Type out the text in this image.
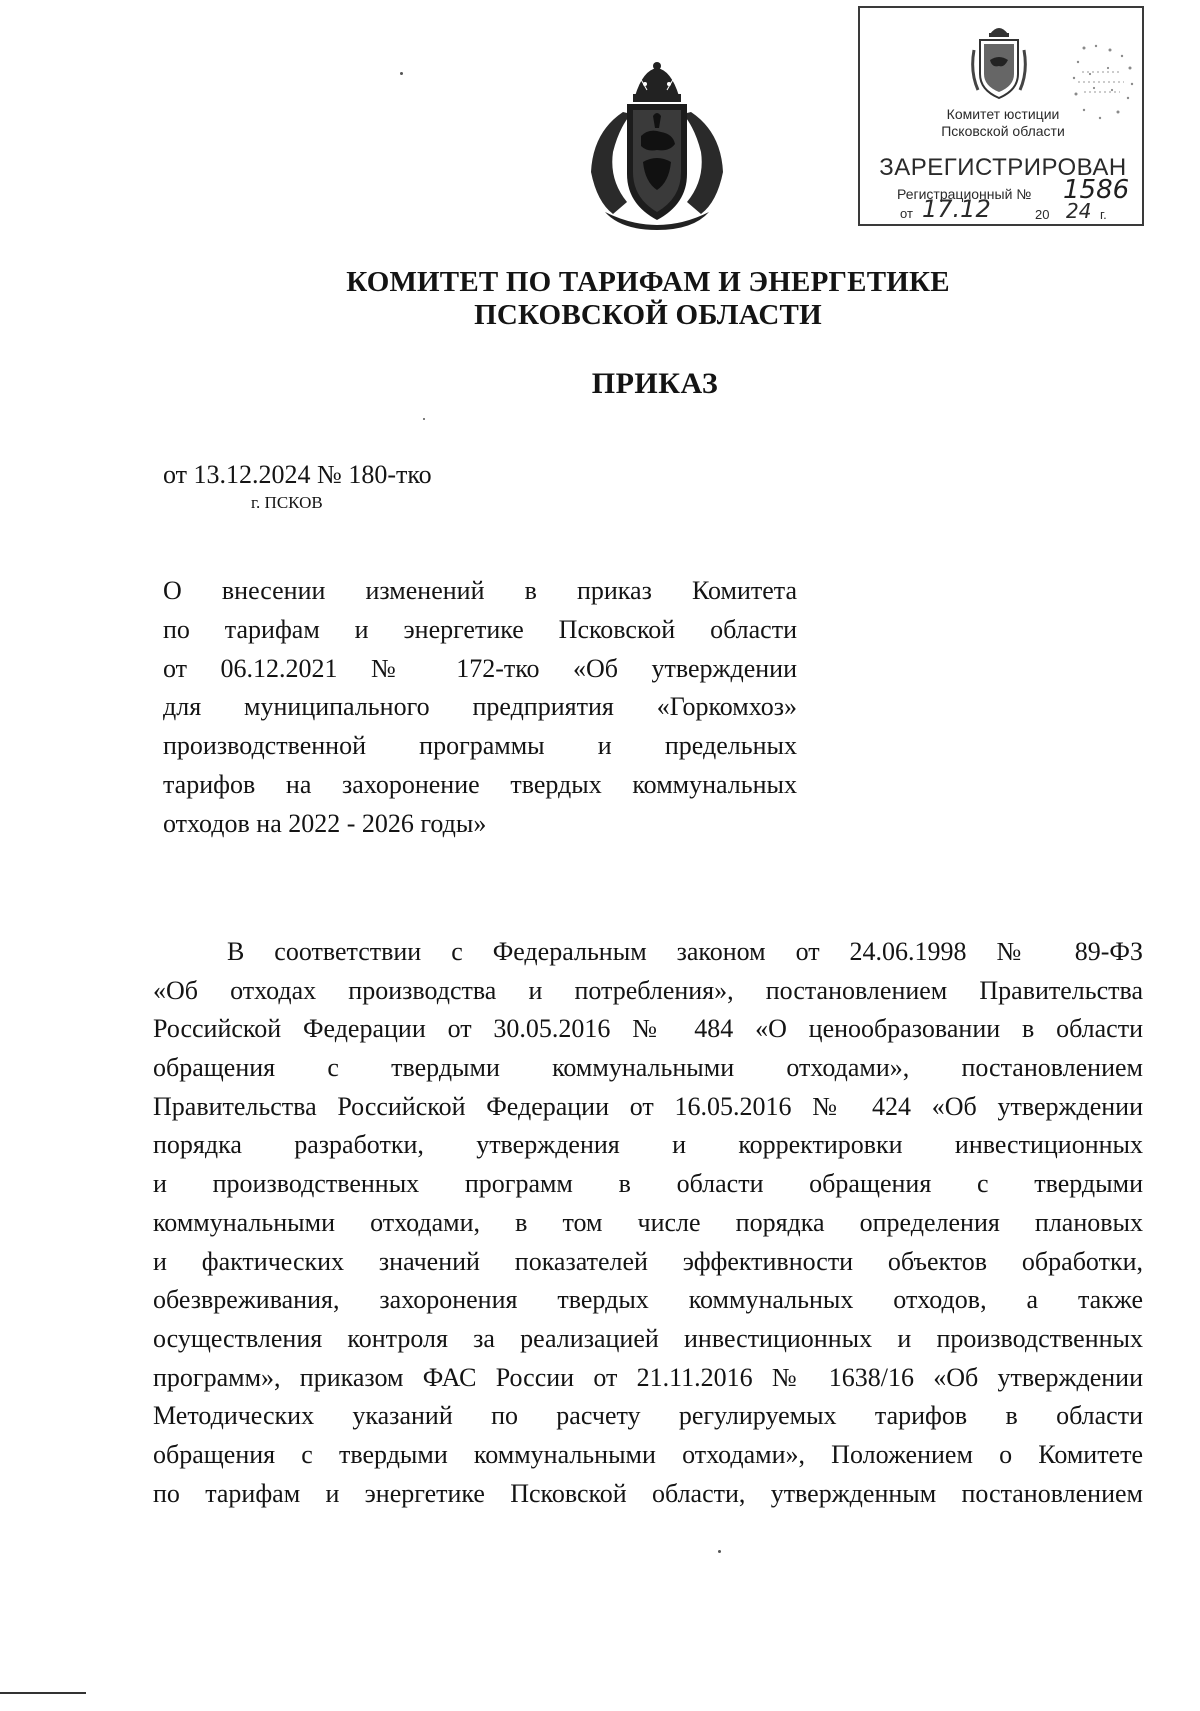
Комитет юстиции
Псковской области
ЗАРЕГИСТРИРОВАН
Регистрационный № 1586
от 17.12	20 24 г.
КОМИТЕТ ПО ТАРИФАМ И ЭНЕРГЕТИКЕ
ПСКОВСКОЙ ОБЛАСТИ
ПРИКАЗ
от 13.12.2024 № 180-тко
г. ПСКОВ
О внесении изменений в приказ Комитета
по тарифам и энергетике Псковской области
от 06.12.2021 № 172-тко «Об утверждении
для муниципального предприятия «Горкомхоз»
производственной программы и предельных
тарифов на захоронение твердых коммунальных
отходов на 2022 - 2026 годы»
В соответствии с Федеральным законом от 24.06.1998 № 89-ФЗ
«Об отходах производства и потребления», постановлением Правительства
Российской Федерации от 30.05.2016 № 484 «О ценообразовании в области
обращения с твердыми коммунальными отходами», постановлением
Правительства Российской Федерации от 16.05.2016 № 424 «Об утверждении
порядка разработки, утверждения и корректировки инвестиционных
и производственных программ в области обращения с твердыми
коммунальными отходами, в том числе порядка определения плановых
и фактических значений показателей эффективности объектов обработки,
обезвреживания, захоронения твердых коммунальных отходов, а также
осуществления контроля за реализацией инвестиционных и производственных
программ», приказом ФАС России от 21.11.2016 № 1638/16 «Об утверждении
Методических указаний по расчету регулируемых тарифов в области
обращения с твердыми коммунальными отходами», Положением о Комитете
по тарифам и энергетике Псковской области, утвержденным постановлением
